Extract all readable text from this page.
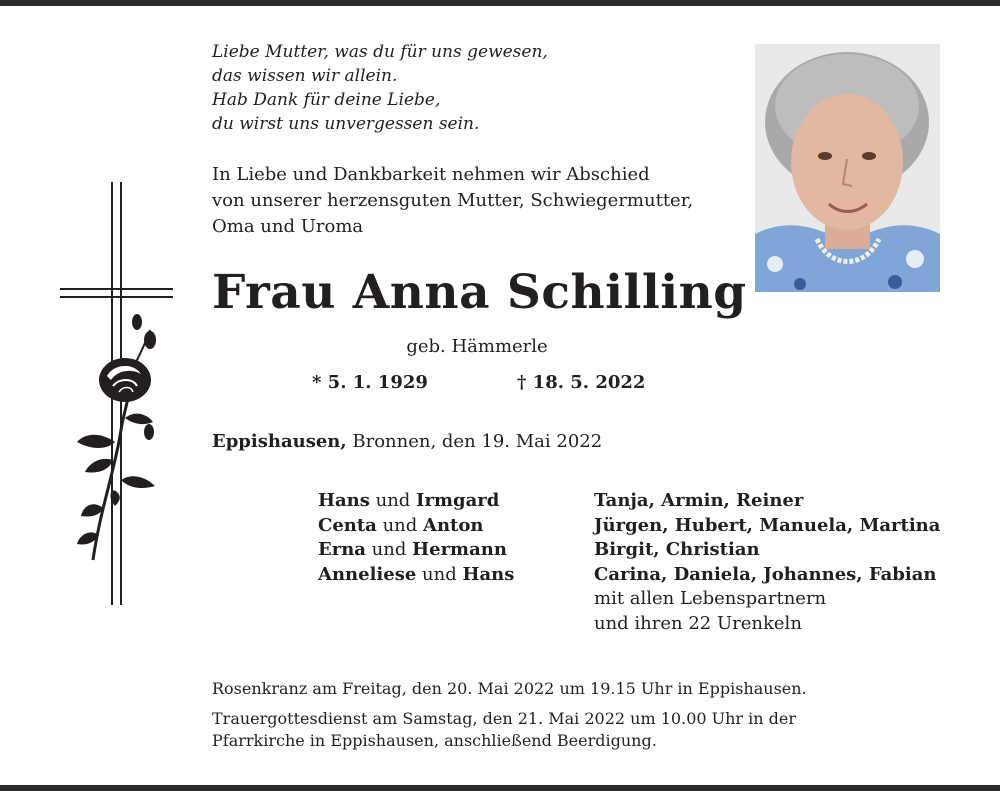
Liebe Mutter, was du für uns gewesen,
das wissen wir allein.
Hab Dank für deine Liebe,
du wirst uns unvergessen sein.
In Liebe und Dankbarkeit nehmen wir Abschied
von unserer herzensguten Mutter, Schwiegermutter,
Oma und Uroma
Frau Anna Schilling
geb. Hämmerle
* 5. 1. 1929	† 18. 5. 2022
Eppishausen, Bronnen, den 19. Mai 2022
Hans und Irmgard
Centa und Anton
Erna und Hermann
Anneliese und Hans
Tanja, Armin, Reiner
Jürgen, Hubert, Manuela, Martina
Birgit, Christian
Carina, Daniela, Johannes, Fabian
mit allen Lebenspartnern
und ihren 22 Urenkeln
Rosenkranz am Freitag, den 20. Mai 2022 um 19.15 Uhr in Eppishausen.
Trauergottesdienst am Samstag, den 21. Mai 2022 um 10.00 Uhr in der
Pfarrkirche in Eppishausen, anschließend Beerdigung.
